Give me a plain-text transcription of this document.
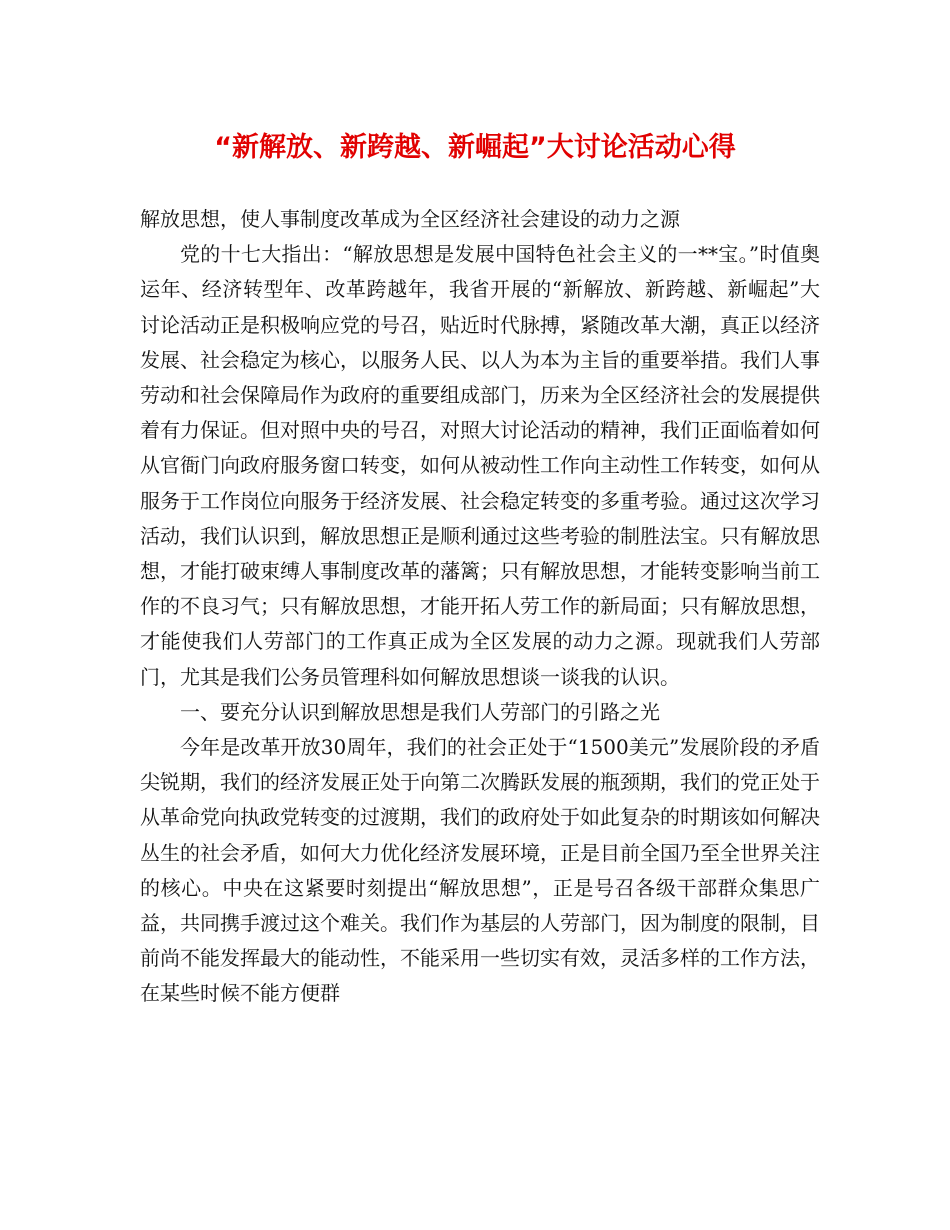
“新解放、新跨越、新崛起”大讨论活动心得

解放思想，使人事制度改革成为全区经济社会建设的动力之源

党的十七大指出：“解放思想是发展中国特色社会主义的一**宝。”时值奥运年、经济转型年、改革跨越年，我省开展的“新解放、新跨越、新崛起”大讨论活动正是积极响应党的号召，贴近时代脉搏，紧随改革大潮，真正以经济发展、社会稳定为核心，以服务人民、以人为本为主旨的重要举措。我们人事劳动和社会保障局作为政府的重要组成部门，历来为全区经济社会的发展提供着有力保证。但对照中央的号召，对照大讨论活动的精神，我们正面临着如何从官衙门向政府服务窗口转变，如何从被动性工作向主动性工作转变，如何从服务于工作岗位向服务于经济发展、社会稳定转变的多重考验。通过这次学习活动，我们认识到，解放思想正是顺利通过这些考验的制胜法宝。只有解放思想，才能打破束缚人事制度改革的藩篱；只有解放思想，才能转变影响当前工作的不良习气；只有解放思想，才能开拓人劳工作的新局面；只有解放思想，才能使我们人劳部门的工作真正成为全区发展的动力之源。现就我们人劳部门，尤其是我们公务员管理科如何解放思想谈一谈我的认识。

一、要充分认识到解放思想是我们人劳部门的引路之光

今年是改革开放30周年，我们的社会正处于“1500美元”发展阶段的矛盾尖锐期，我们的经济发展正处于向第二次腾跃发展的瓶颈期，我们的党正处于从革命党向执政党转变的过渡期，我们的政府处于如此复杂的时期该如何解决丛生的社会矛盾，如何大力优化经济发展环境，正是目前全国乃至全世界关注的核心。中央在这紧要时刻提出“解放思想”，正是号召各级干部群众集思广益，共同携手渡过这个难关。我们作为基层的人劳部门，因为制度的限制，目前尚不能发挥最大的能动性，不能采用一些切实有效，灵活多样的工作方法，在某些时候不能方便群
